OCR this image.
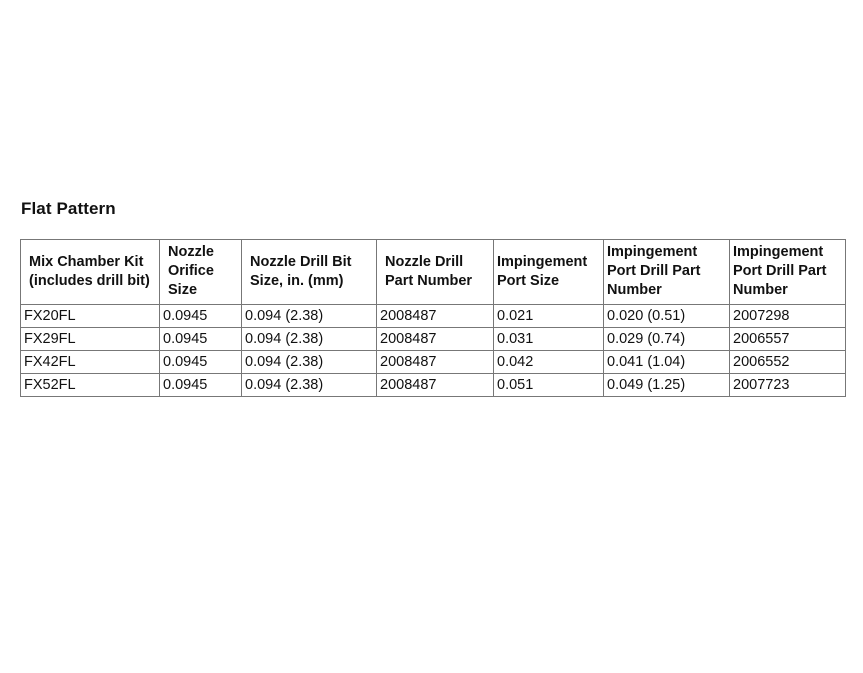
Flat Pattern
Mix Chamber Kit (includes drill bit)	Nozzle Orifice Size	Nozzle Drill Bit Size, in. (mm)	Nozzle Drill Part Number	Impingement Port Size	Impingement Port Drill Part Number	Impingement Port Drill Part Number
FX20FL	0.0945	0.094 (2.38)	2008487	0.021	0.020 (0.51)	2007298
FX29FL	0.0945	0.094 (2.38)	2008487	0.031	0.029 (0.74)	2006557
FX42FL	0.0945	0.094 (2.38)	2008487	0.042	0.041 (1.04)	2006552
FX52FL	0.0945	0.094 (2.38)	2008487	0.051	0.049 (1.25)	2007723
